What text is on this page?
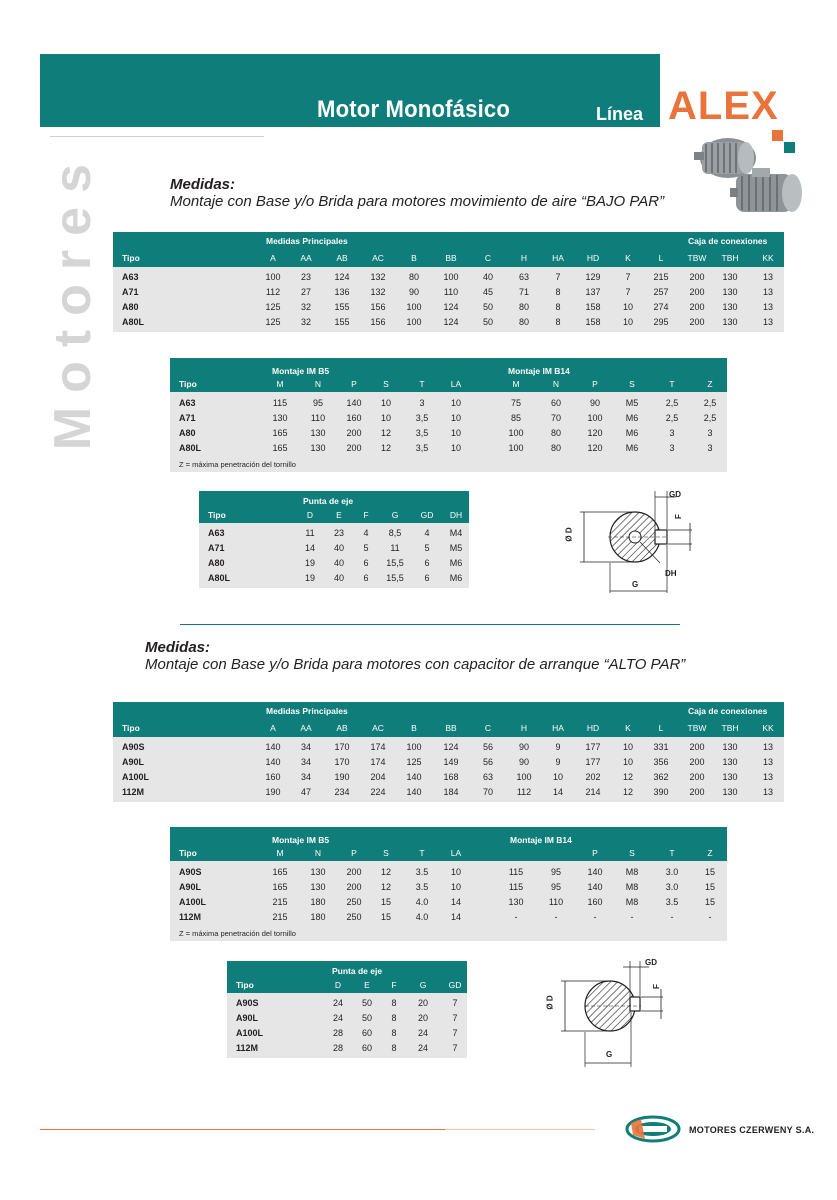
Motor Monofásico	Línea ALEX
Motores	Medidas:
Montaje con Base y/o Brida para motores movimiento de aire “BAJO PAR”
Medidas Principales	Caja de conexiones
Tipo	A	AA	AB	AC	B	BB	C	H	HA	HD	K	L	TBW	TBH	KK
A63	100	23	124	132	80	100	40	63	7	129	7	215	200	130	13
A71	112	27	136	132	90	110	45	71	8	137	7	257	200	130	13
A80	125	32	155	156	100	124	50	80	8	158	10	274	200	130	13
A80L	125	32	155	156	100	124	50	80	8	158	10	295	200	130	13
Montaje IM B5	Montaje IM B14
Tipo	M	N	P	S	T	LA	M	N	P	S	T	Z
A63	115	95	140	10	3	10	75	60	90	M5	2,5	2,5
A71	130	110	160	10	3,5	10	85	70	100	M6	2,5	2,5
A80	165	130	200	12	3,5	10	100	80	120	M6	3	3
A80L	165	130	200	12	3,5	10	100	80	120	M6	3	3
Z = máxima penetración del tornillo
Punta de eje
Tipo	D	E	F	G	GD	DH
A63	11	23	4	8,5	4	M4
A71	14	40	5	11	5	M5
A80	19	40	6	15,5	6	M6
A80L	19	40	6	15,5	6	M6
GD
F
Ø D
DH
G
Medidas:
Montaje con Base y/o Brida para motores con capacitor de arranque “ALTO PAR”
Medidas Principales	Caja de conexiones
Tipo	A	AA	AB	AC	B	BB	C	H	HA	HD	K	L	TBW	TBH	KK
A90S	140	34	170	174	100	124	56	90	9	177	10	331	200	130	13
A90L	140	34	170	174	125	149	56	90	9	177	10	356	200	130	13
A100L	160	34	190	204	140	168	63	100	10	202	12	362	200	130	13
112M	190	47	234	224	140	184	70	112	14	214	12	390	200	130	13
Montaje IM B5	Montaje IM B14
Tipo	M	N	P	S	T	LA	P	S	T	Z
A90S	165	130	200	12	3.5	10	115	95	140	M8	3.0	15
A90L	165	130	200	12	3.5	10	115	95	140	M8	3.0	15
A100L	215	180	250	15	4.0	14	130	110	160	M8	3.5	15
112M	215	180	250	15	4.0	14	-	-	-	-	-	-
Z = máxima penetración del tornillo
Punta de eje
Tipo	D	E	F	G	GD
A90S	24	50	8	20	7
A90L	24	50	8	20	7
A100L	28	60	8	24	7
112M	28	60	8	24	7
GD
F
Ø D
G
MOTORES CZERWENY S.A.
